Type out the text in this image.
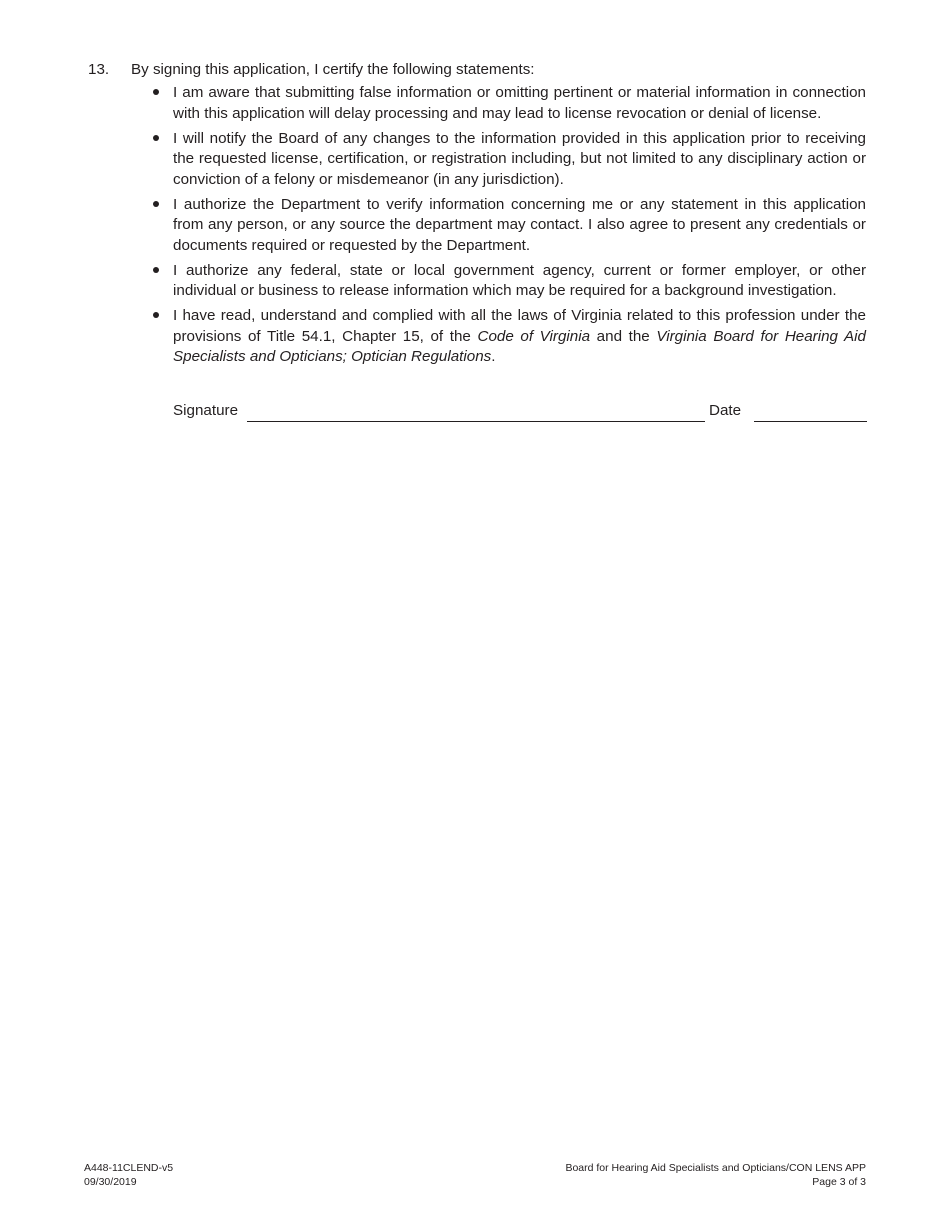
13. By signing this application, I certify the following statements:
I am aware that submitting false information or omitting pertinent or material information in connection with this application will delay processing and may lead to license revocation or denial of license.
I will notify the Board of any changes to the information provided in this application prior to receiving the requested license, certification, or registration including, but not limited to any disciplinary action or conviction of a felony or misdemeanor (in any jurisdiction).
I authorize the Department to verify information concerning me or any statement in this application from any person, or any source the department may contact. I also agree to present any credentials or documents required or requested by the Department.
I authorize any federal, state or local government agency, current or former employer, or other individual or business to release information which may be required for a background investigation.
I have read, understand and complied with all the laws of Virginia related to this profession under the provisions of Title 54.1, Chapter 15, of the Code of Virginia and the Virginia Board for Hearing Aid Specialists and Opticians; Optician Regulations.
Signature	Date
A448-11CLEND-v5
09/30/2019
Board for Hearing Aid Specialists and Opticians/CON LENS APP
Page 3 of 3
